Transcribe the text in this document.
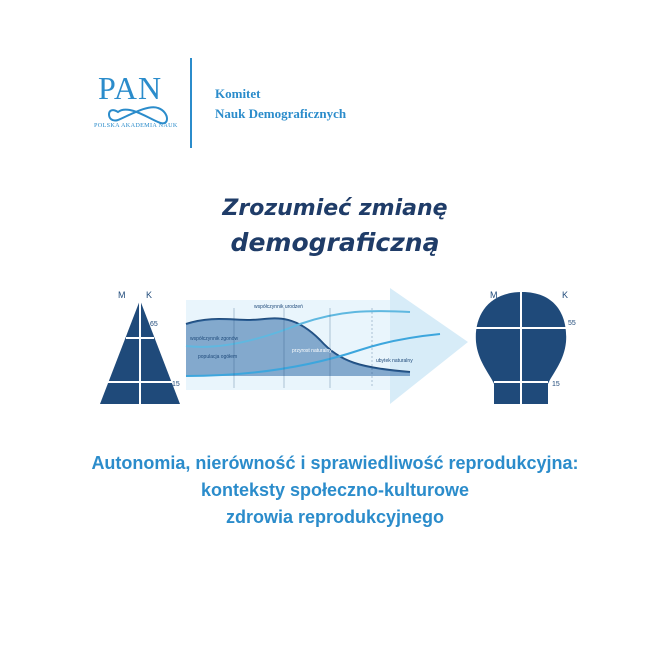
PAN
POLSKA AKADEMIA NAUK
Komitet
Nauk Demograficznych
Zrozumieć zmianę
demograficzną
M K
65
15
współczynnik urodzeń
współczynnik zgonów
populacja ogółem
przyrost naturalny
ubytek naturalny
M	K
55
15
Autonomia, nierówność i sprawiedliwość reprodukcyjna:
konteksty społeczno-kulturowe
zdrowia reprodukcyjnego
